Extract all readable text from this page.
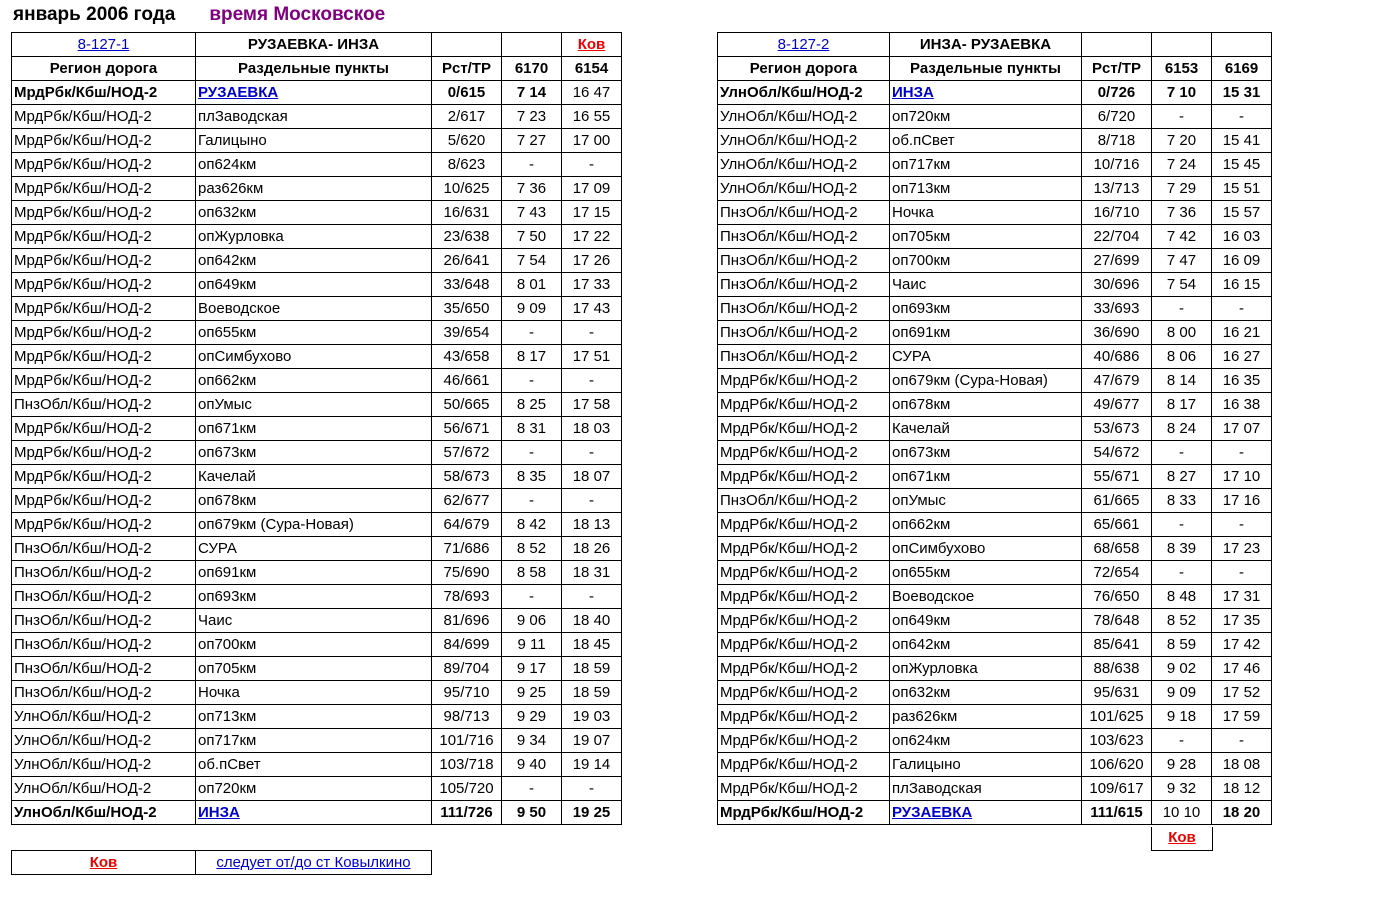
январь 2006 года время Московское
8-127-1	РУЗАЕВКА- ИНЗА			Ков
Регион дорога	Раздельные пункты	Рст/ТР	6170	6154
МрдРбк/Кбш/НОД-2	РУЗАЕВКА	0/615	7 14	16 47
МрдРбк/Кбш/НОД-2	плЗаводская	2/617	7 23	16 55
МрдРбк/Кбш/НОД-2	Галицыно	5/620	7 27	17 00
МрдРбк/Кбш/НОД-2	оп624км	8/623	-	-
МрдРбк/Кбш/НОД-2	раз626км	10/625	7 36	17 09
МрдРбк/Кбш/НОД-2	оп632км	16/631	7 43	17 15
МрдРбк/Кбш/НОД-2	опЖурловка	23/638	7 50	17 22
МрдРбк/Кбш/НОД-2	оп642км	26/641	7 54	17 26
МрдРбк/Кбш/НОД-2	оп649км	33/648	8 01	17 33
МрдРбк/Кбш/НОД-2	Воеводское	35/650	9 09	17 43
МрдРбк/Кбш/НОД-2	оп655км	39/654	-	-
МрдРбк/Кбш/НОД-2	опСимбухово	43/658	8 17	17 51
МрдРбк/Кбш/НОД-2	оп662км	46/661	-	-
ПнзОбл/Кбш/НОД-2	опУмыс	50/665	8 25	17 58
МрдРбк/Кбш/НОД-2	оп671км	56/671	8 31	18 03
МрдРбк/Кбш/НОД-2	оп673км	57/672	-	-
МрдРбк/Кбш/НОД-2	Качелай	58/673	8 35	18 07
МрдРбк/Кбш/НОД-2	оп678км	62/677	-	-
МрдРбк/Кбш/НОД-2	оп679км (Сура-Новая)	64/679	8 42	18 13
ПнзОбл/Кбш/НОД-2	СУРА	71/686	8 52	18 26
ПнзОбл/Кбш/НОД-2	оп691км	75/690	8 58	18 31
ПнзОбл/Кбш/НОД-2	оп693км	78/693	-	-
ПнзОбл/Кбш/НОД-2	Чаис	81/696	9 06	18 40
ПнзОбл/Кбш/НОД-2	оп700км	84/699	9 11	18 45
ПнзОбл/Кбш/НОД-2	оп705км	89/704	9 17	18 59
ПнзОбл/Кбш/НОД-2	Ночка	95/710	9 25	18 59
УлнОбл/Кбш/НОД-2	оп713км	98/713	9 29	19 03
УлнОбл/Кбш/НОД-2	оп717км	101/716	9 34	19 07
УлнОбл/Кбш/НОД-2	об.пСвет	103/718	9 40	19 14
УлнОбл/Кбш/НОД-2	оп720км	105/720	-	-
УлнОбл/Кбш/НОД-2	ИНЗА	111/726	9 50	19 25
8-127-2	ИНЗА- РУЗАЕВКА			
Регион дорога	Раздельные пункты	Рст/ТР	6153	6169
УлнОбл/Кбш/НОД-2	ИНЗА	0/726	7 10	15 31
УлнОбл/Кбш/НОД-2	оп720км	6/720	-	-
УлнОбл/Кбш/НОД-2	об.пСвет	8/718	7 20	15 41
УлнОбл/Кбш/НОД-2	оп717км	10/716	7 24	15 45
УлнОбл/Кбш/НОД-2	оп713км	13/713	7 29	15 51
ПнзОбл/Кбш/НОД-2	Ночка	16/710	7 36	15 57
ПнзОбл/Кбш/НОД-2	оп705км	22/704	7 42	16 03
ПнзОбл/Кбш/НОД-2	оп700км	27/699	7 47	16 09
ПнзОбл/Кбш/НОД-2	Чаис	30/696	7 54	16 15
ПнзОбл/Кбш/НОД-2	оп693км	33/693	-	-
ПнзОбл/Кбш/НОД-2	оп691км	36/690	8 00	16 21
ПнзОбл/Кбш/НОД-2	СУРА	40/686	8 06	16 27
МрдРбк/Кбш/НОД-2	оп679км (Сура-Новая)	47/679	8 14	16 35
МрдРбк/Кбш/НОД-2	оп678км	49/677	8 17	16 38
МрдРбк/Кбш/НОД-2	Качелай	53/673	8 24	17 07
МрдРбк/Кбш/НОД-2	оп673км	54/672	-	-
МрдРбк/Кбш/НОД-2	оп671км	55/671	8 27	17 10
ПнзОбл/Кбш/НОД-2	опУмыс	61/665	8 33	17 16
МрдРбк/Кбш/НОД-2	оп662км	65/661	-	-
МрдРбк/Кбш/НОД-2	опСимбухово	68/658	8 39	17 23
МрдРбк/Кбш/НОД-2	оп655км	72/654	-	-
МрдРбк/Кбш/НОД-2	Воеводское	76/650	8 48	17 31
МрдРбк/Кбш/НОД-2	оп649км	78/648	8 52	17 35
МрдРбк/Кбш/НОД-2	оп642км	85/641	8 59	17 42
МрдРбк/Кбш/НОД-2	опЖурловка	88/638	9 02	17 46
МрдРбк/Кбш/НОД-2	оп632км	95/631	9 09	17 52
МрдРбк/Кбш/НОД-2	раз626км	101/625	9 18	17 59
МрдРбк/Кбш/НОД-2	оп624км	103/623	-	-
МрдРбк/Кбш/НОД-2	Галицыно	106/620	9 28	18 08
МрдРбк/Кбш/НОД-2	плЗаводская	109/617	9 32	18 12
МрдРбк/Кбш/НОД-2	РУЗАЕВКА	111/615	10 10	18 20
Ков
Ков	следует от/до ст Ковылкино
